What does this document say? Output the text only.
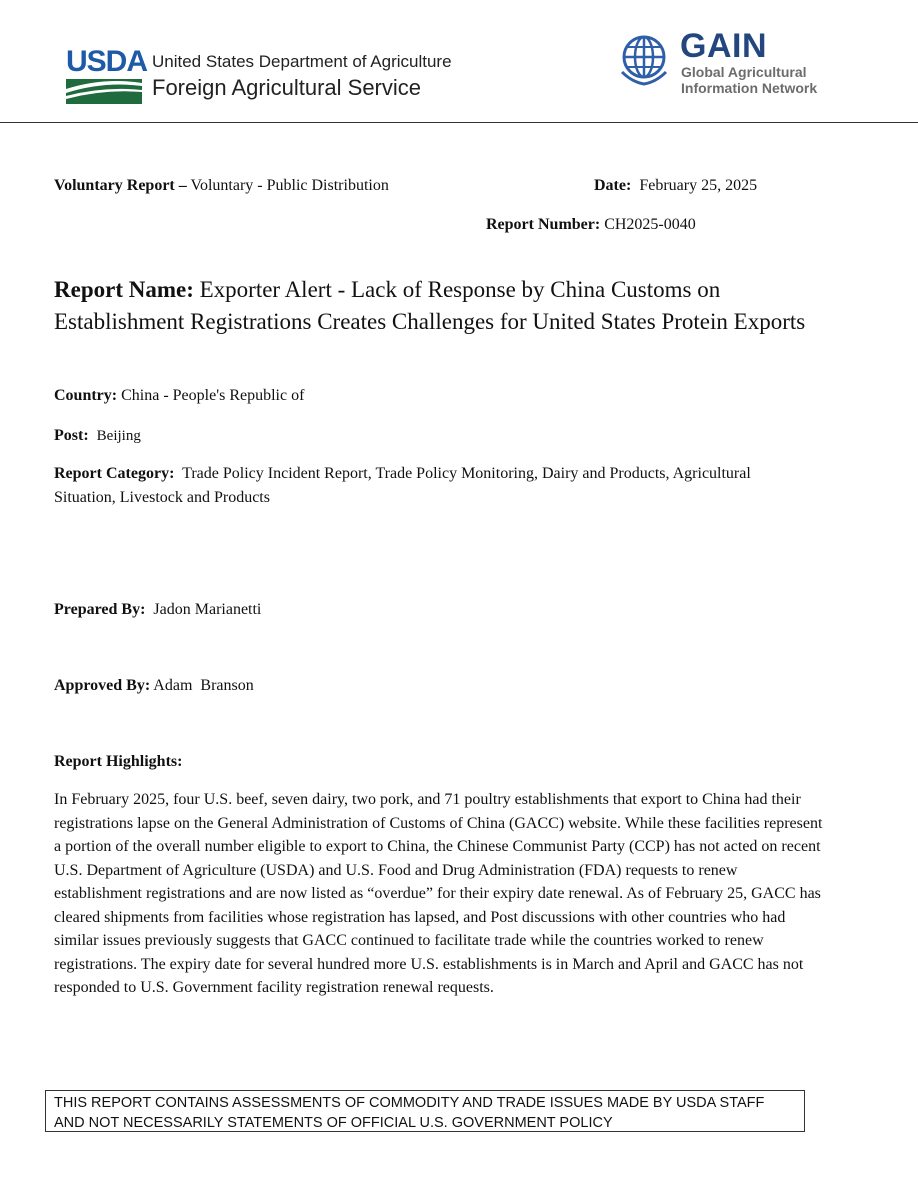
USDA United States Department of Agriculture
Foreign Agricultural Service
GAIN
Global Agricultural
Information Network
Voluntary Report – Voluntary - Public Distribution	Date: February 25, 2025
Report Number: CH2025-0040
Report Name: Exporter Alert - Lack of Response by China Customs on Establishment Registrations Creates Challenges for United States Protein Exports
Country: China - People's Republic of
Post: Beijing
Report Category: Trade Policy Incident Report, Trade Policy Monitoring, Dairy and Products, Agricultural Situation, Livestock and Products
Prepared By: Jadon Marianetti
Approved By: Adam  Branson
Report Highlights:
In February 2025, four U.S. beef, seven dairy, two pork, and 71 poultry establishments that export to China had their registrations lapse on the General Administration of Customs of China (GACC) website. While these facilities represent a portion of the overall number eligible to export to China, the Chinese Communist Party (CCP) has not acted on recent U.S. Department of Agriculture (USDA) and U.S. Food and Drug Administration (FDA) requests to renew establishment registrations and are now listed as “overdue” for their expiry date renewal. As of February 25, GACC has cleared shipments from facilities whose registration has lapsed, and Post discussions with other countries who had similar issues previously suggests that GACC continued to facilitate trade while the countries worked to renew registrations. The expiry date for several hundred more U.S. establishments is in March and April and GACC has not responded to U.S. Government facility registration renewal requests.
THIS REPORT CONTAINS ASSESSMENTS OF COMMODITY AND TRADE ISSUES MADE BY USDA STAFF
AND NOT NECESSARILY STATEMENTS OF OFFICIAL U.S. GOVERNMENT POLICY
